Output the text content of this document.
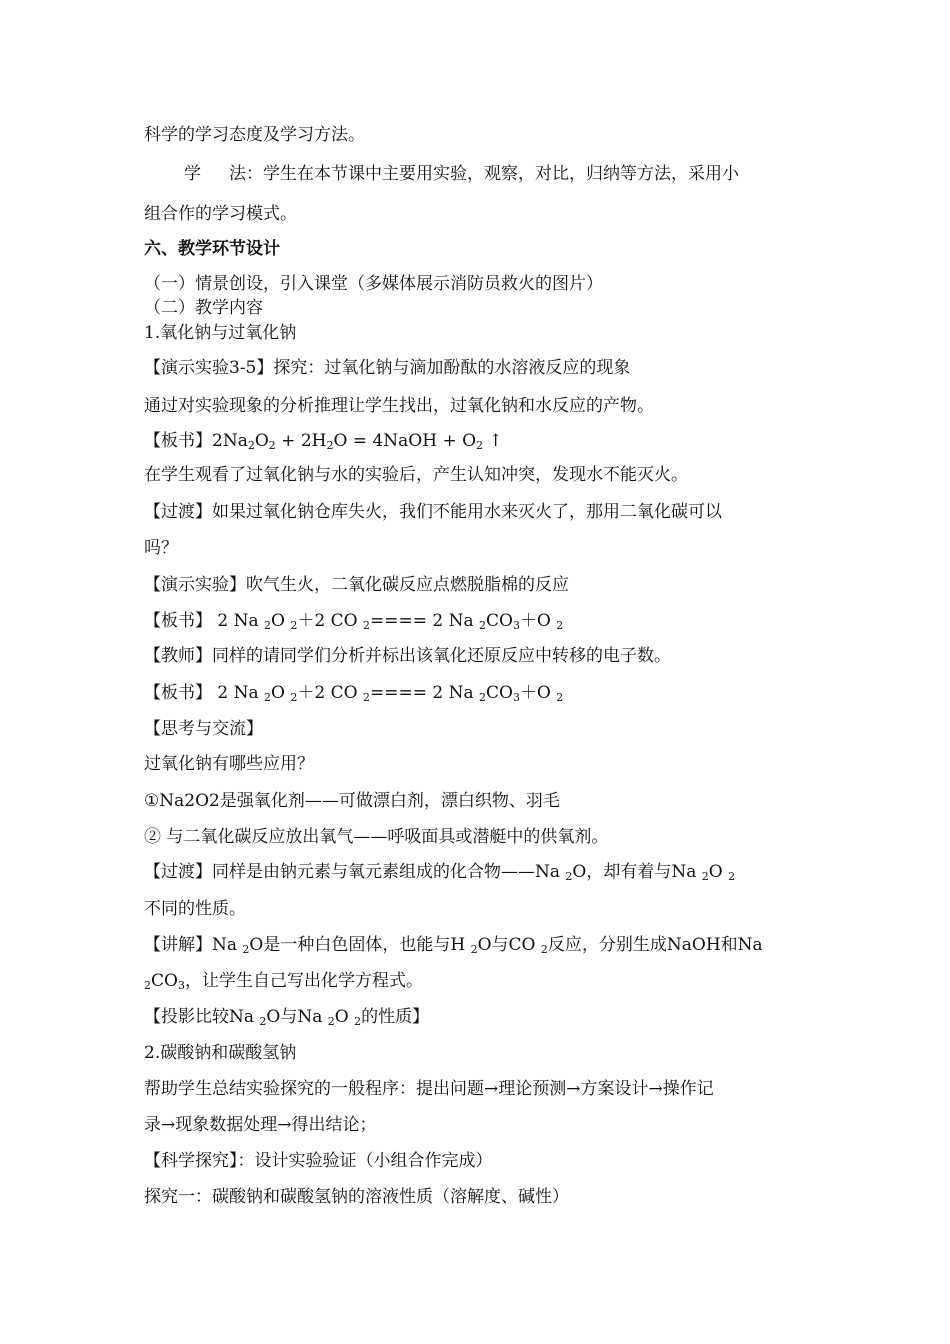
科学的学习态度及学习方法。
学 法：学生在本节课中主要用实验，观察，对比，归纳等方法，采用小
组合作的学习模式。
六、教学环节设计
（一）情景创设，引入课堂（多媒体展示消防员救火的图片）
（二）教学内容
1.氧化钠与过氧化钠
【演示实验3-5】探究：过氧化钠与滴加酚酞的水溶液反应的现象
通过对实验现象的分析推理让学生找出，过氧化钠和水反应的产物。
【板书】$2Na_2O_2 + 2H_2O$ = 4NaOH + $O_2$ ↑
在学生观看了过氧化钠与水的实验后，产生认知冲突，发现水不能灭火。
【过渡】如果过氧化钠仓库失火，我们不能用水来灭火了，那用二氧化碳可以
吗？
【演示实验】吹气生火，二氧化碳反应点燃脱脂棉的反应
【板书】 2 Na $_2$O $_2$＋2 CO $_2$==== 2 Na $_2CO_3+O$ $_2$
【教师】同样的请同学们分析并标出该氧化还原反应中转移的电子数。
【板书】 2 Na $_2$O $_2$＋2 CO $_2$==== 2 Na $_2CO_3+O$ $_2$
【思考与交流】
过氧化钠有哪些应用？
①Na2O2是强氧化剂——可做漂白剂，漂白织物、羽毛
② 与二氧化碳反应放出氧气——呼吸面具或潜艇中的供氧剂。
【过渡】同样是由钠元素与氧元素组成的化合物——Na $_2$O，却有着与Na $_2$O $_2$
不同的性质。
【讲解】Na $_2$O是一种白色固体，也能与H $_2$O与CO $_2$反应，分别生成NaOH和Na
$_2CO_3$，让学生自己写出化学方程式。
【投影比较Na $_2$O与Na $_2$O $_2$的性质】
2.碳酸钠和碳酸氢钠
帮助学生总结实验探究的一般程序：提出问题→理论预测→方案设计→操作记
录→现象数据处理→得出结论；
【科学探究】：设计实验验证（小组合作完成）
探究一：碳酸钠和碳酸氢钠的溶液性质（溶解度、碱性）
